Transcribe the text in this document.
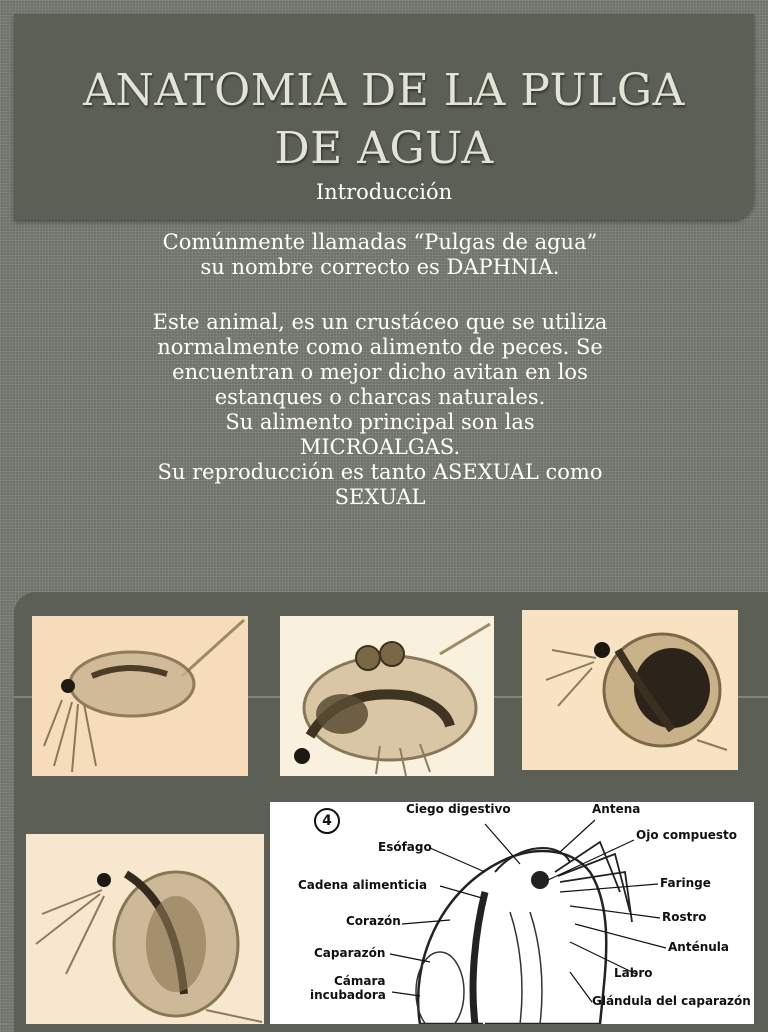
ANATOMIA DE LA PULGA
DE AGUA

Introducción

Comúnmente llamadas “Pulgas de agua”
su nombre correcto es DAPHNIA.

Este animal, es un crustáceo que se utiliza
normalmente como alimento de peces. Se
encuentran o mejor dicho avitan en los
estanques o charcas naturales.
Su alimento principal son las
MICROALGAS.
Su reproducción es tanto ASEXUAL como
SEXUAL

4
Ciego digestivo	Antena
Ojo compuesto
Esófago
Cadena alimenticia	Faringe
Corazón	Rostro
Caparazón	Anténula
Cámara
incubadora
Labro
Glándula del caparazón
